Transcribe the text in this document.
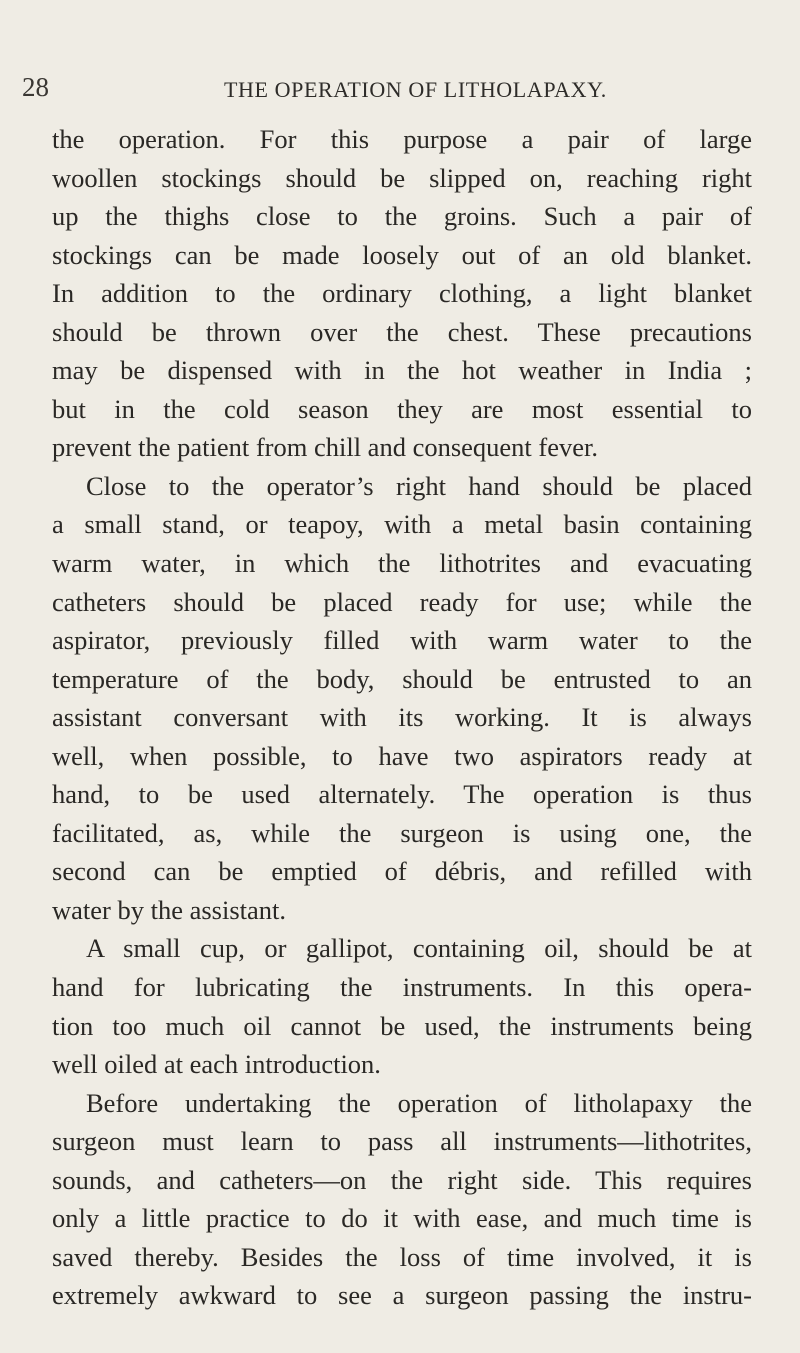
28	THE OPERATION OF LITHOLAPAXY.
the operation. For this purpose a pair of large
woollen stockings should be slipped on, reaching right
up the thighs close to the groins. Such a pair of
stockings can be made loosely out of an old blanket.
In addition to the ordinary clothing, a light blanket
should be thrown over the chest. These precautions
may be dispensed with in the hot weather in India ;
but in the cold season they are most essential to
prevent the patient from chill and consequent fever.
Close to the operator’s right hand should be placed
a small stand, or teapoy, with a metal basin containing
warm water, in which the lithotrites and evacuating
catheters should be placed ready for use; while the
aspirator, previously filled with warm water to the
temperature of the body, should be entrusted to an
assistant conversant with its working. It is always
well, when possible, to have two aspirators ready at
hand, to be used alternately. The operation is thus
facilitated, as, while the surgeon is using one, the
second can be emptied of débris, and refilled with
water by the assistant.
A small cup, or gallipot, containing oil, should be at
hand for lubricating the instruments. In this opera-
tion too much oil cannot be used, the instruments being
well oiled at each introduction.
Before undertaking the operation of litholapaxy the
surgeon must learn to pass all instruments—lithotrites,
sounds, and catheters—on the right side. This requires
only a little practice to do it with ease, and much time is
saved thereby. Besides the loss of time involved, it is
extremely awkward to see a surgeon passing the instru-
